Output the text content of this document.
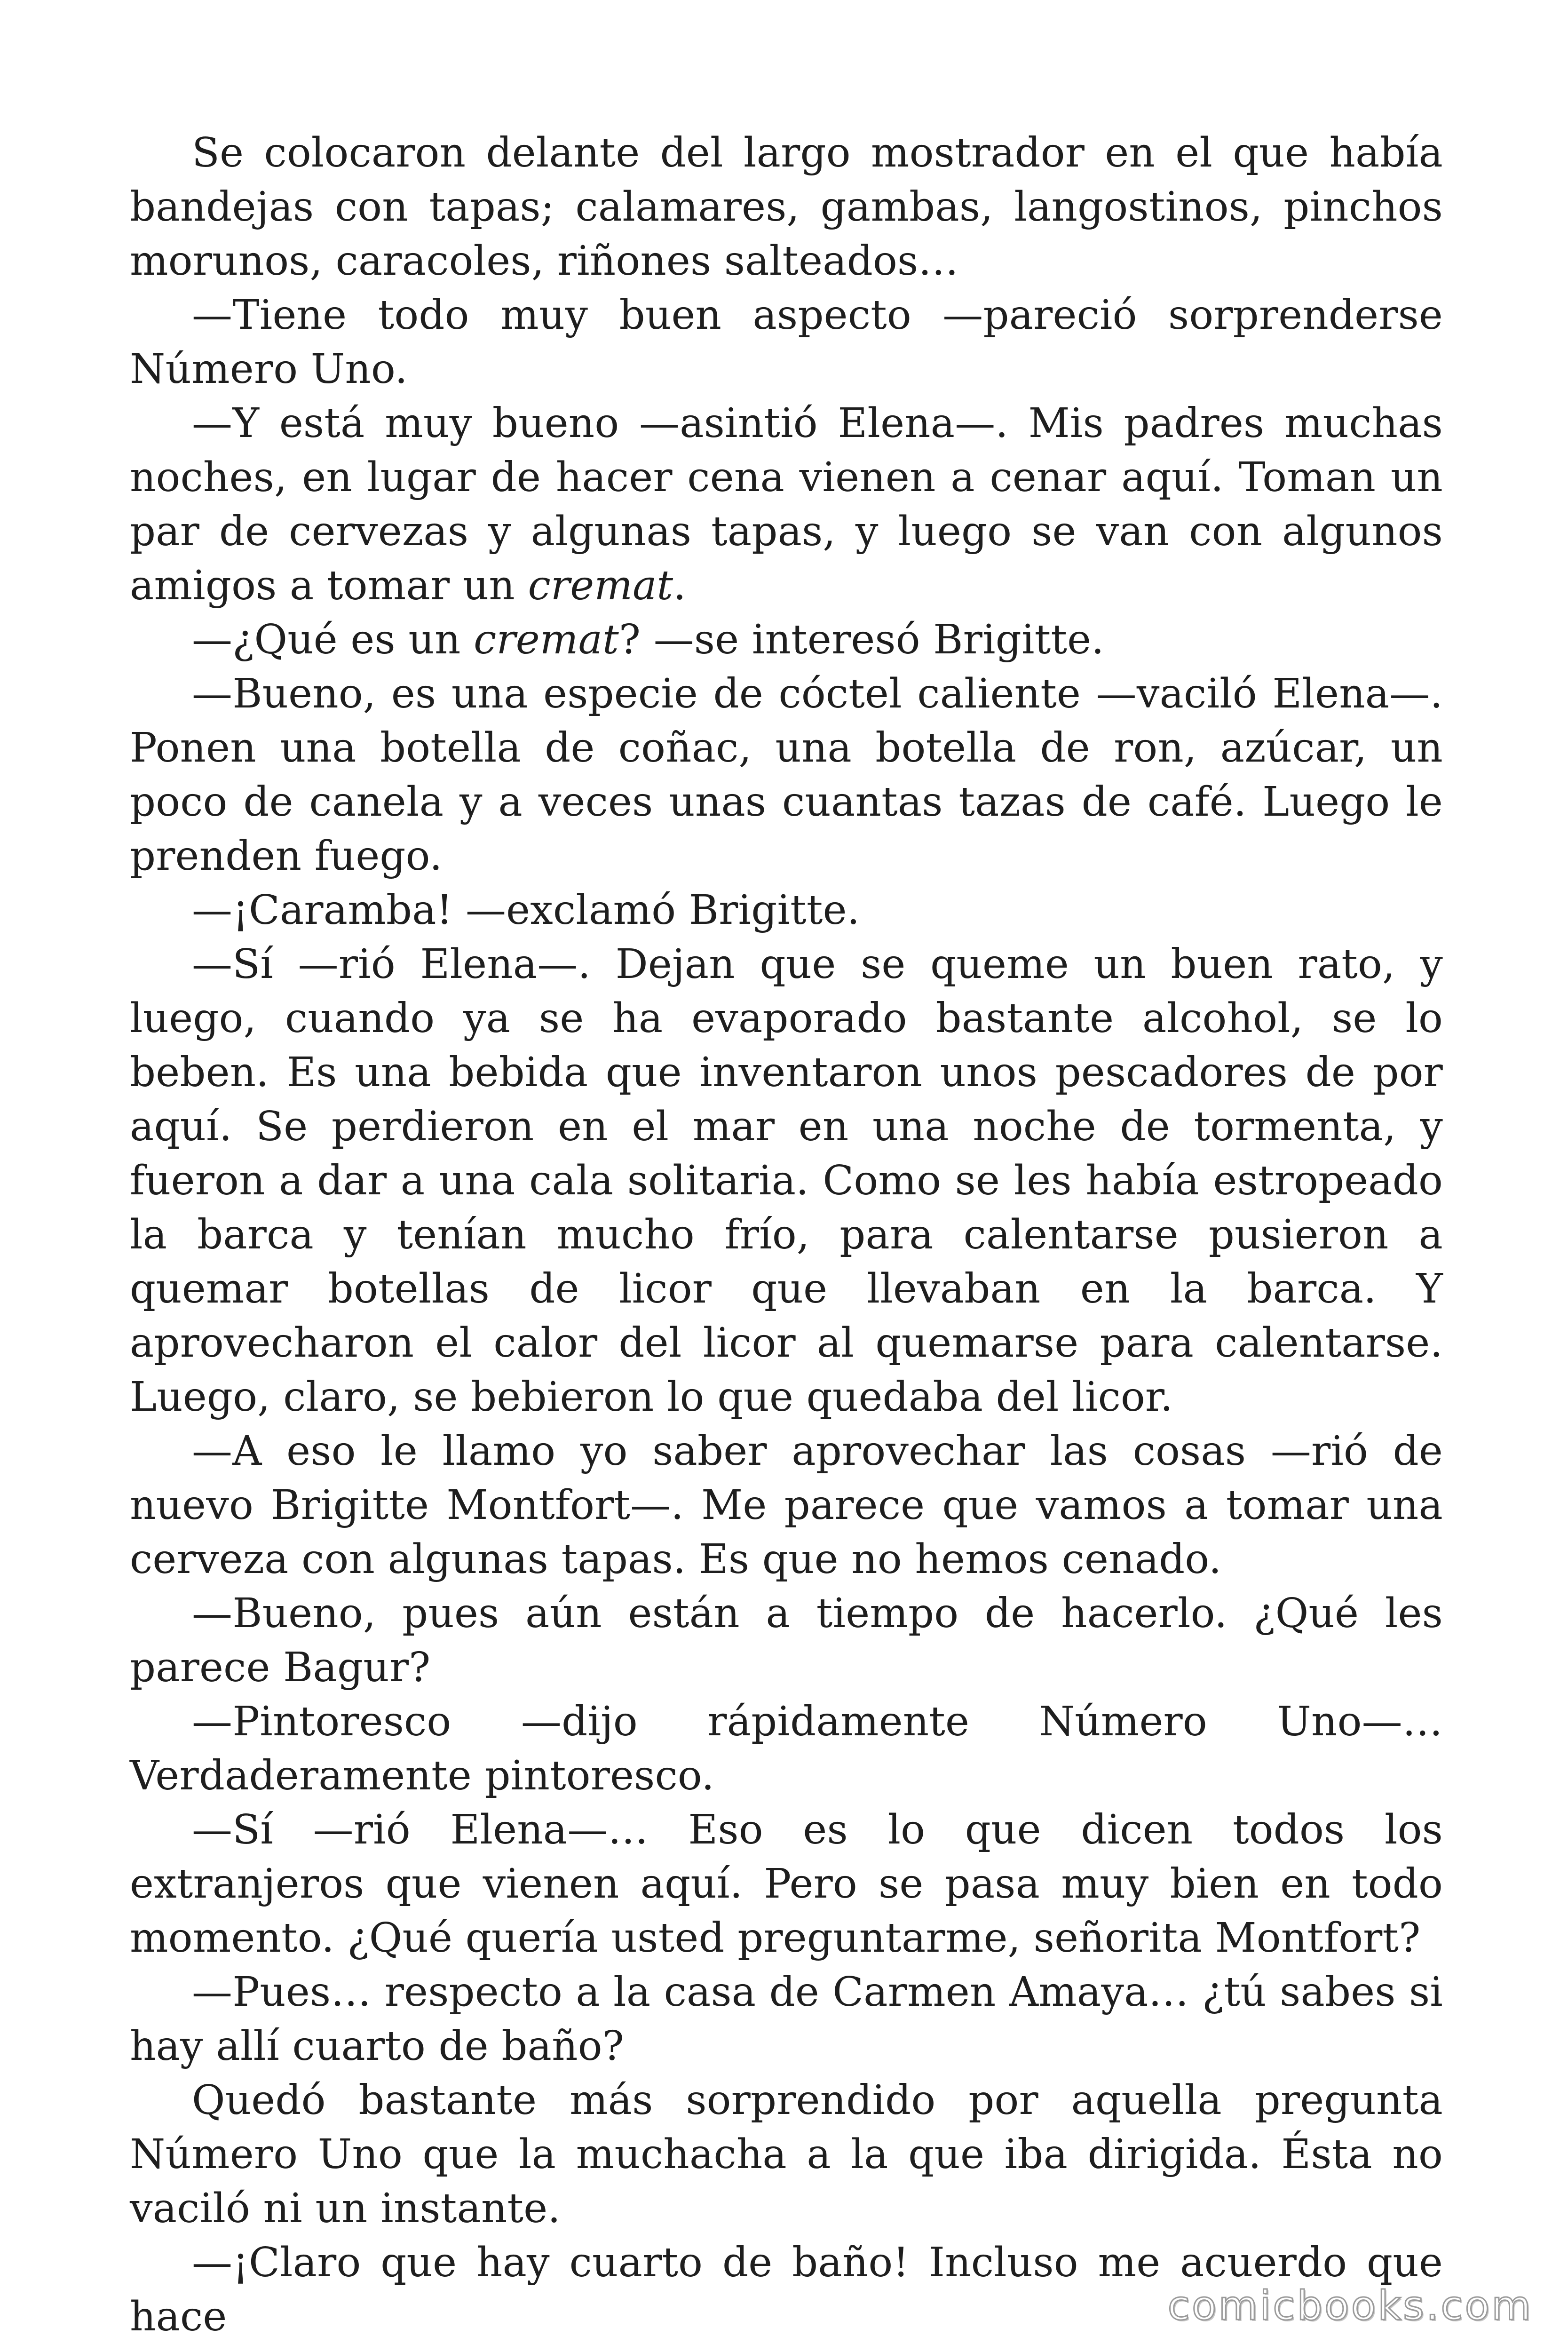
Se colocaron delante del largo mostrador en el que había bandejas con tapas; calamares, gambas, langostinos, pinchos morunos, caracoles, riñones salteados…

—Tiene todo muy buen aspecto —pareció sorprenderse Número Uno.

—Y está muy bueno —asintió Elena—. Mis padres muchas noches, en lugar de hacer cena vienen a cenar aquí. Toman un par de cervezas y algunas tapas, y luego se van con algunos amigos a tomar un cremat.

—¿Qué es un cremat? —se interesó Brigitte.

—Bueno, es una especie de cóctel caliente —vaciló Elena—. Ponen una botella de coñac, una botella de ron, azúcar, un poco de canela y a veces unas cuantas tazas de café. Luego le prenden fuego.

—¡Caramba! —exclamó Brigitte.

—Sí —rió Elena—. Dejan que se queme un buen rato, y luego, cuando ya se ha evaporado bastante alcohol, se lo beben. Es una bebida que inventaron unos pescadores de por aquí. Se perdieron en el mar en una noche de tormenta, y fueron a dar a una cala solitaria. Como se les había estropeado la barca y tenían mucho frío, para calentarse pusieron a quemar botellas de licor que llevaban en la barca. Y aprovecharon el calor del licor al quemarse para calentarse. Luego, claro, se bebieron lo que quedaba del licor.

—A eso le llamo yo saber aprovechar las cosas —rió de nuevo Brigitte Montfort—. Me parece que vamos a tomar una cerveza con algunas tapas. Es que no hemos cenado.

—Bueno, pues aún están a tiempo de hacerlo. ¿Qué les parece Bagur?

—Pintoresco —dijo rápidamente Número Uno—… Verdaderamente pintoresco.

—Sí —rió Elena—… Eso es lo que dicen todos los extranjeros que vienen aquí. Pero se pasa muy bien en todo momento. ¿Qué quería usted preguntarme, señorita Montfort?

—Pues… respecto a la casa de Carmen Amaya… ¿tú sabes si hay allí cuarto de baño?

Quedó bastante más sorprendido por aquella pregunta Número Uno que la muchacha a la que iba dirigida. Ésta no vaciló ni un instante.

—¡Claro que hay cuarto de baño! Incluso me acuerdo que hace	comicbooks.com
